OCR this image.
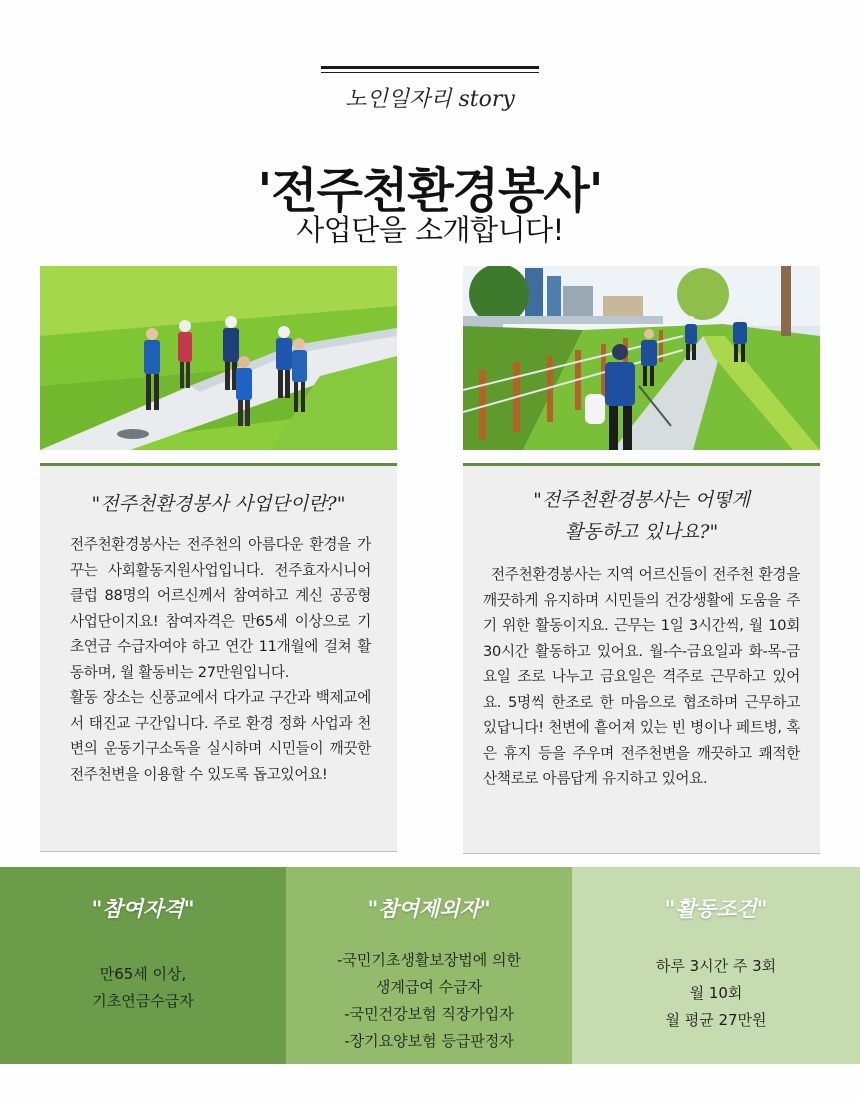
노인일자리 story
'전주천환경봉사'
사업단을 소개합니다!
"전주천환경봉사 사업단이란?"

전주천환경봉사는 전주천의 아름다운 환경을 가꾸는 사회활동지원사업입니다. 전주효자시니어클럽 88명의 어르신께서 참여하고 계신 공공형 사업단이지요! 참여자격은 만65세 이상으로 기초연금 수급자여야 하고 연간 11개월에 걸쳐 활동하며, 월 활동비는 27만원입니다.

활동 장소는 신풍교에서 다가교 구간과 백제교에서 태진교 구간입니다. 주로 환경 정화 사업과 천변의 운동기구소독을 실시하며 시민들이 깨끗한 전주천변을 이용할 수 있도록 돕고있어요!

"전주천환경봉사는 어떻게
활동하고 있나요?"

전주천환경봉사는 지역 어르신들이 전주천 환경을 깨끗하게 유지하며 시민들의 건강생활에 도움을 주기 위한 활동이지요. 근무는 1일 3시간씩, 월 10회 30시간 활동하고 있어요. 월-수-금요일과 화-목-금요일 조로 나누고 금요일은 격주로 근무하고 있어요. 5명씩 한조로 한 마음으로 협조하며 근무하고 있답니다! 천변에 흩어져 있는 빈 병이나 페트병, 혹은 휴지 등을 주우며 전주천변을 깨끗하고 쾌적한 산책로로 아름답게 유지하고 있어요.

"참여자격"
만65세 이상,
기초연금수급자
"참여제외자"
-국민기초생활보장법에 의한
생계급여 수급자
-국민건강보험 직장가입자
-장기요양보험 등급판정자
"활동조건"
하루 3시간 주 3회
월 10회
월 평균 27만원
